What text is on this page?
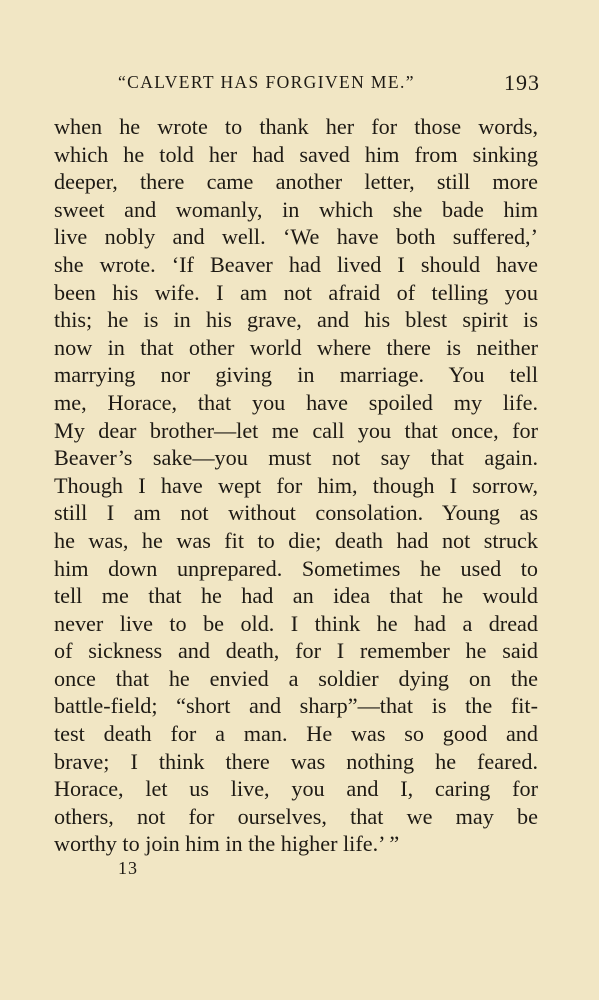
“CALVERT HAS FORGIVEN ME.”	193
when he wrote to thank her for those words,
which he told her had saved him from sinking
deeper, there came another letter, still more
sweet and womanly, in which she bade him
live nobly and well. ‘We have both suffered,’
she wrote. ‘If Beaver had lived I should have
been his wife. I am not afraid of telling you
this; he is in his grave, and his blest spirit is
now in that other world where there is neither
marrying nor giving in marriage. You tell
me, Horace, that you have spoiled my life.
My dear brother—let me call you that once, for
Beaver’s sake—you must not say that again.
Though I have wept for him, though I sorrow,
still I am not without consolation. Young as
he was, he was fit to die; death had not struck
him down unprepared. Sometimes he used to
tell me that he had an idea that he would
never live to be old. I think he had a dread
of sickness and death, for I remember he said
once that he envied a soldier dying on the
battle-field; “short and sharp”—that is the fit-
test death for a man. He was so good and
brave; I think there was nothing he feared.
Horace, let us live, you and I, caring for
others, not for ourselves, that we may be
worthy to join him in the higher life.’ ”
13
